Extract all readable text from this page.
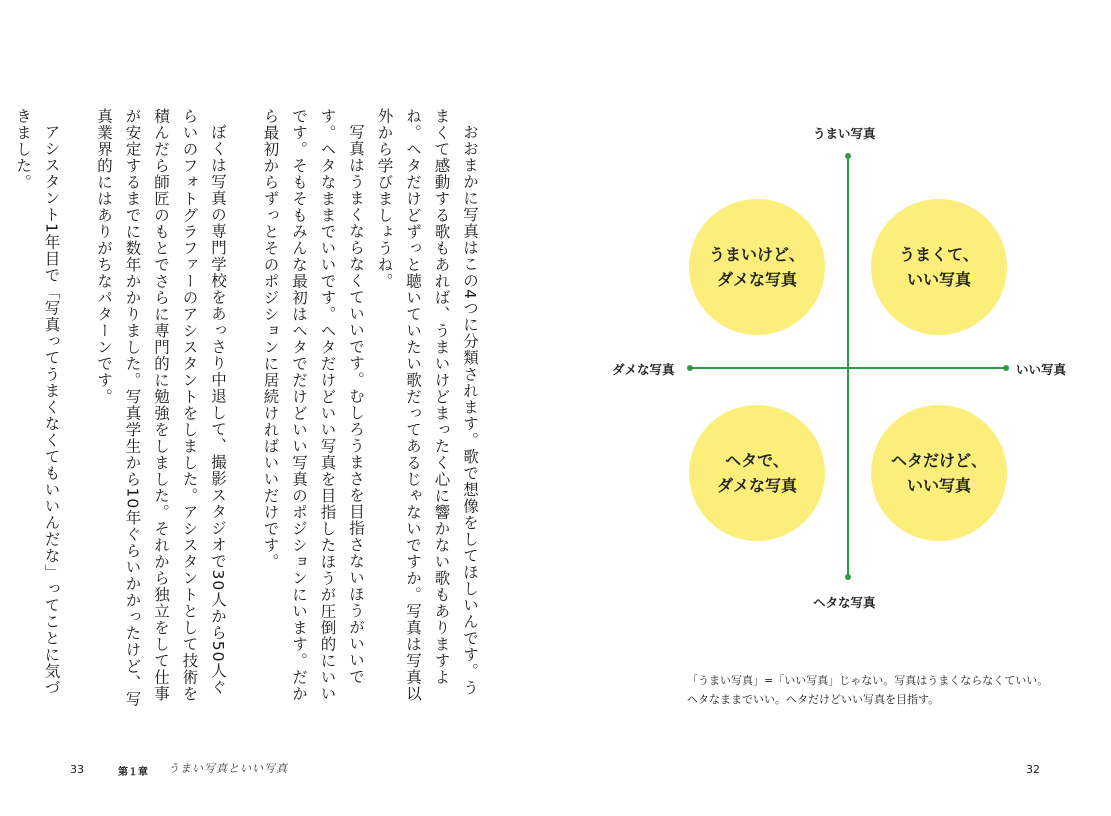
おおまかに写真はこの4つに分類されます。歌で想像をしてほしいんです。うまくて感動する歌もあれば、うまいけどまったく心に響かない歌もありますよね。ヘタだけどずっと聴いていたい歌だってあるじゃないですか。写真は写真以外から学びましょうね。

写真はうまくならなくていいです。むしろうまさを目指さないほうがいいです。ヘタなままでいいです。ヘタだけどいい写真を目指したほうが圧倒的にいいです。そもそもみんな最初はヘタでだけどいい写真のポジションにいます。だから最初からずっとそのポジションに居続ければいいだけです。

ぼくは写真の専門学校をあっさり中退して、撮影スタジオで30人から50人ぐらいのフォトグラファーのアシスタントをしました。アシスタントとして技術を積んだら師匠のもとでさらに専門的に勉強をしました。それから独立をして仕事が安定するまでに数年かかりました。写真学生から10年ぐらいかかったけど、写真業界的にはありがちなパターンです。

アシスタント1年目で「写真ってうまくなくてもいいんだな」ってことに気づきました。

33	第１章 うまい写真といい写真
うまい写真
ヘタな写真
ダメな写真	いい写真
うまいけど、
ダメな写真
うまくて、
いい写真
ヘタで、
ダメな写真
ヘタだけど、
いい写真
「うまい写真」=「いい写真」じゃない。写真はうまくならなくていい。
ヘタなままでいい。ヘタだけどいい写真を目指す。
32
